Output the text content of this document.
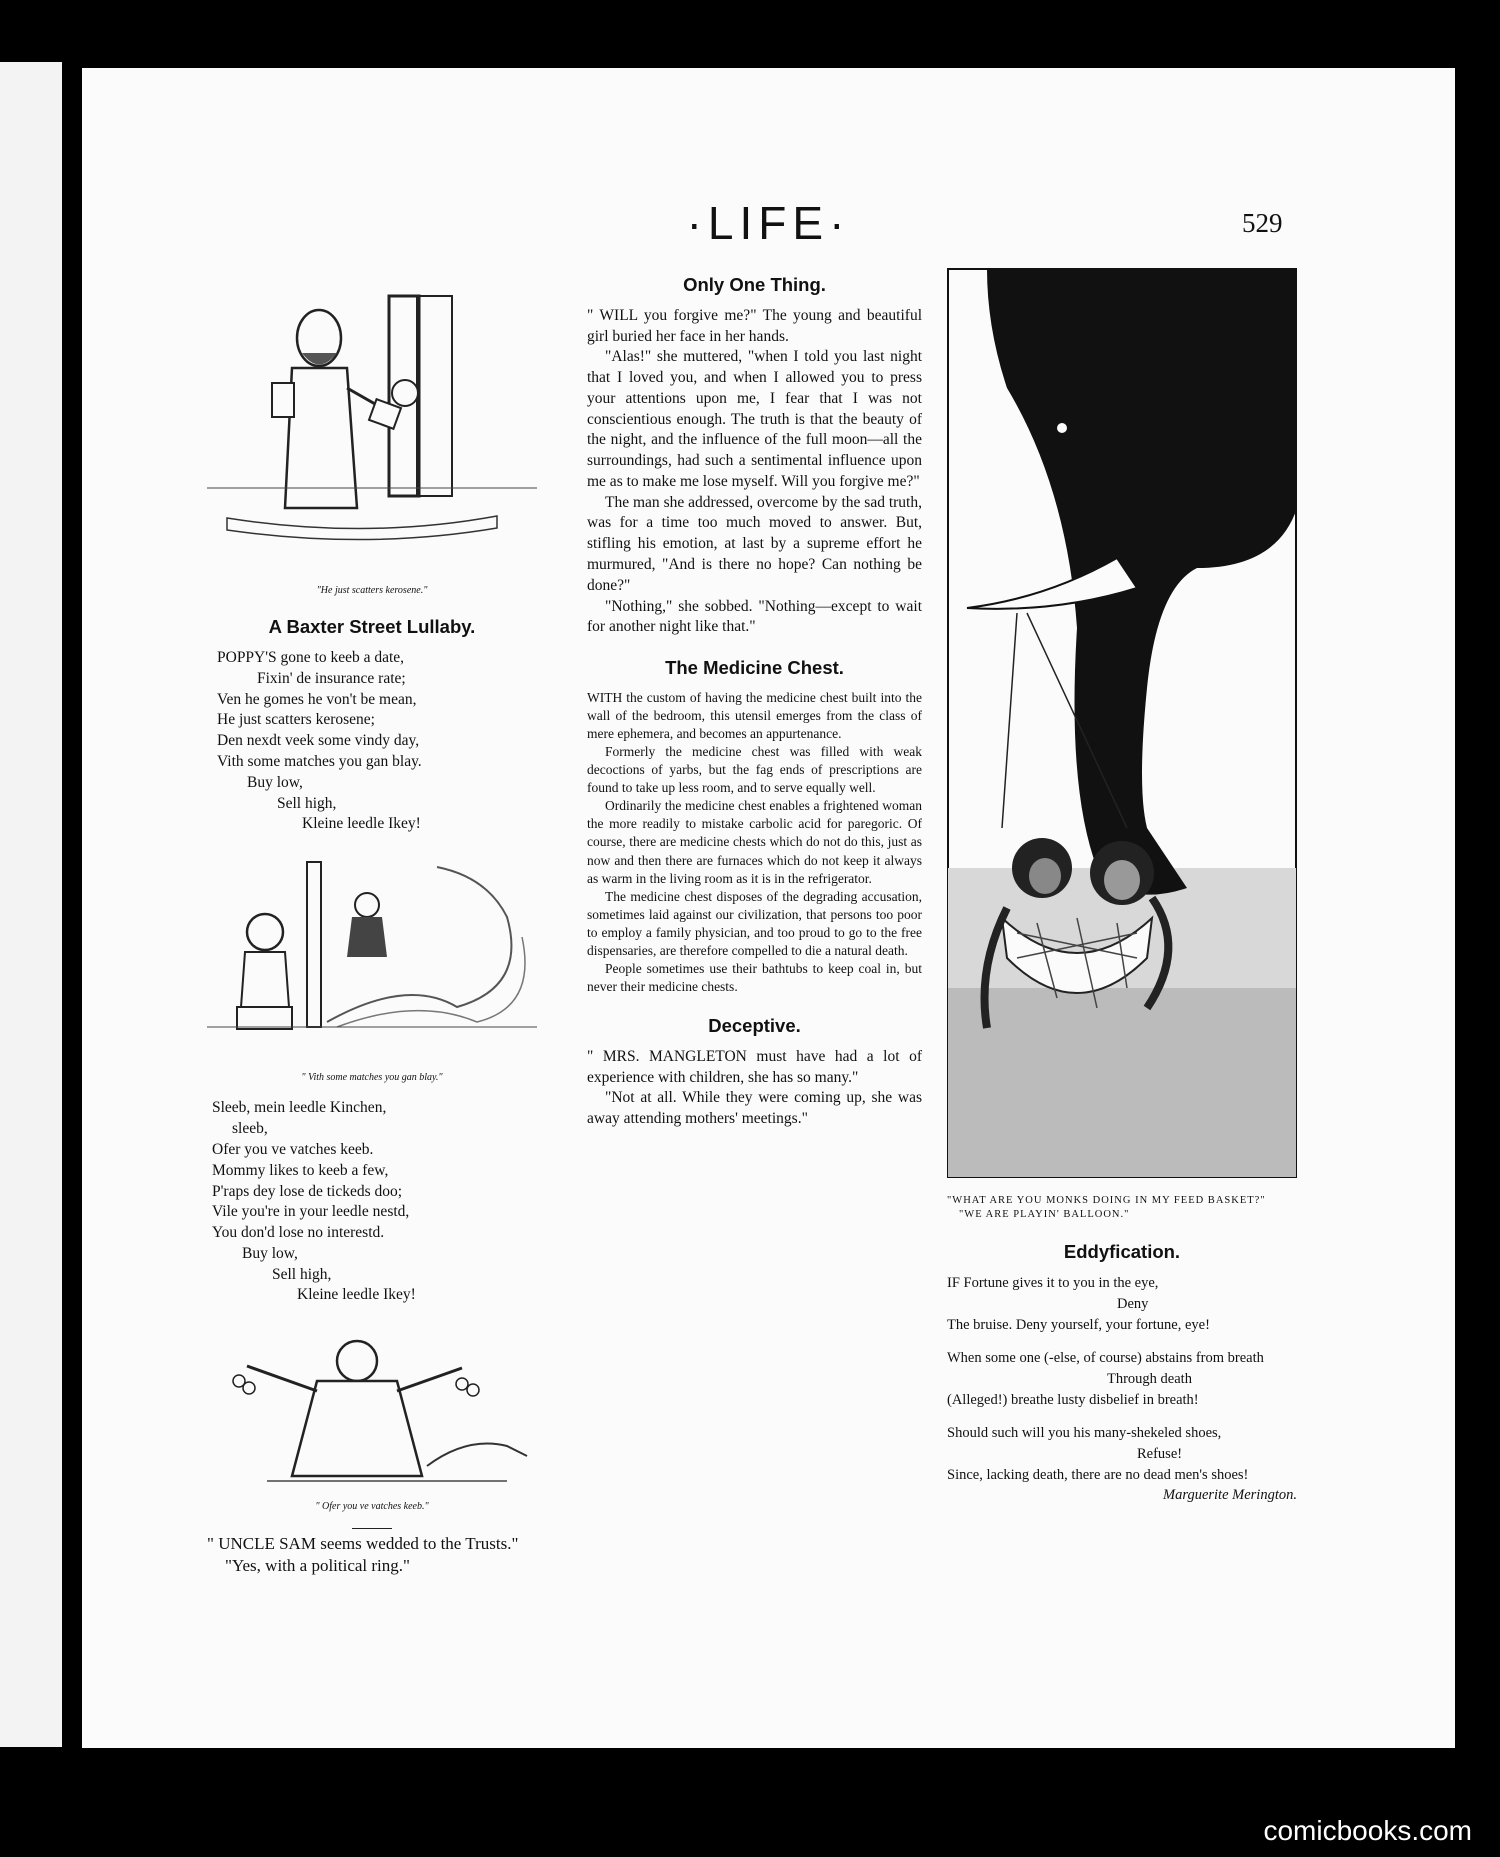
·LIFE·	529
"He just scatters kerosene."
A Baxter Street Lullaby.
POPPY'S gone to keeb a date,
Fixin' de insurance rate;
Ven he gomes he von't be mean,
He just scatters kerosene;
Den nexdt veek some vindy day,
Vith some matches you gan blay.
Buy low,
Sell high,
Kleine leedle Ikey!
" Vith some matches you gan blay."
Sleeb, mein leedle Kinchen,
sleeb,
Ofer you ve vatches keeb.
Mommy likes to keeb a few,
P'raps dey lose de tickeds doo;
Vile you're in your leedle nestd,
You don'd lose no interestd.
Buy low,
Sell high,
Kleine leedle Ikey!
" Ofer you ve vatches keeb."

" UNCLE SAM seems wedded to the Trusts."

"Yes, with a political ring."

Only One Thing.

" WILL you forgive me?" The young and beautiful girl buried her face in her hands.

"Alas!" she muttered, "when I told you last night that I loved you, and when I allowed you to press your attentions upon me, I fear that I was not conscientious enough. The truth is that the beauty of the night, and the influence of the full moon—all the surroundings, had such a sentimental influence upon me as to make me lose myself. Will you forgive me?"

The man she addressed, overcome by the sad truth, was for a time too much moved to answer. But, stifling his emotion, at last by a supreme effort he murmured, "And is there no hope? Can nothing be done?"

"Nothing," she sobbed. "Nothing—except to wait for another night like that."

The Medicine Chest.

WITH the custom of having the medicine chest built into the wall of the bedroom, this utensil emerges from the class of mere ephemera, and becomes an appurtenance.

Formerly the medicine chest was filled with weak decoctions of yarbs, but the fag ends of prescriptions are found to take up less room, and to serve equally well.

Ordinarily the medicine chest enables a frightened woman the more readily to mistake carbolic acid for paregoric. Of course, there are medicine chests which do not do this, just as now and then there are furnaces which do not keep it always as warm in the living room as it is in the refrigerator.

The medicine chest disposes of the degrading accusation, sometimes laid against our civilization, that persons too poor to employ a family physician, and too proud to go to the free dispensaries, are therefore compelled to die a natural death.

People sometimes use their bathtubs to keep coal in, but never their medicine chests.

Deceptive.

" MRS. MANGLETON must have had a lot of experience with children, she has so many."

"Not at all. While they were coming up, she was away attending mothers' meetings."

"WHAT ARE YOU MONKS DOING IN MY FEED BASKET?"
"WE ARE PLAYIN' BALLOON."
Eddyfication.
IF Fortune gives it to you in the eye,
Deny
The bruise. Deny yourself, your fortune, eye!
When some one (-else, of course) abstains from breath
Through death
(Alleged!) breathe lusty disbelief in breath!
Should such will you his many-shekeled shoes,
Refuse!
Since, lacking death, there are no dead men's shoes!
Marguerite Merington.
comicbooks.com
